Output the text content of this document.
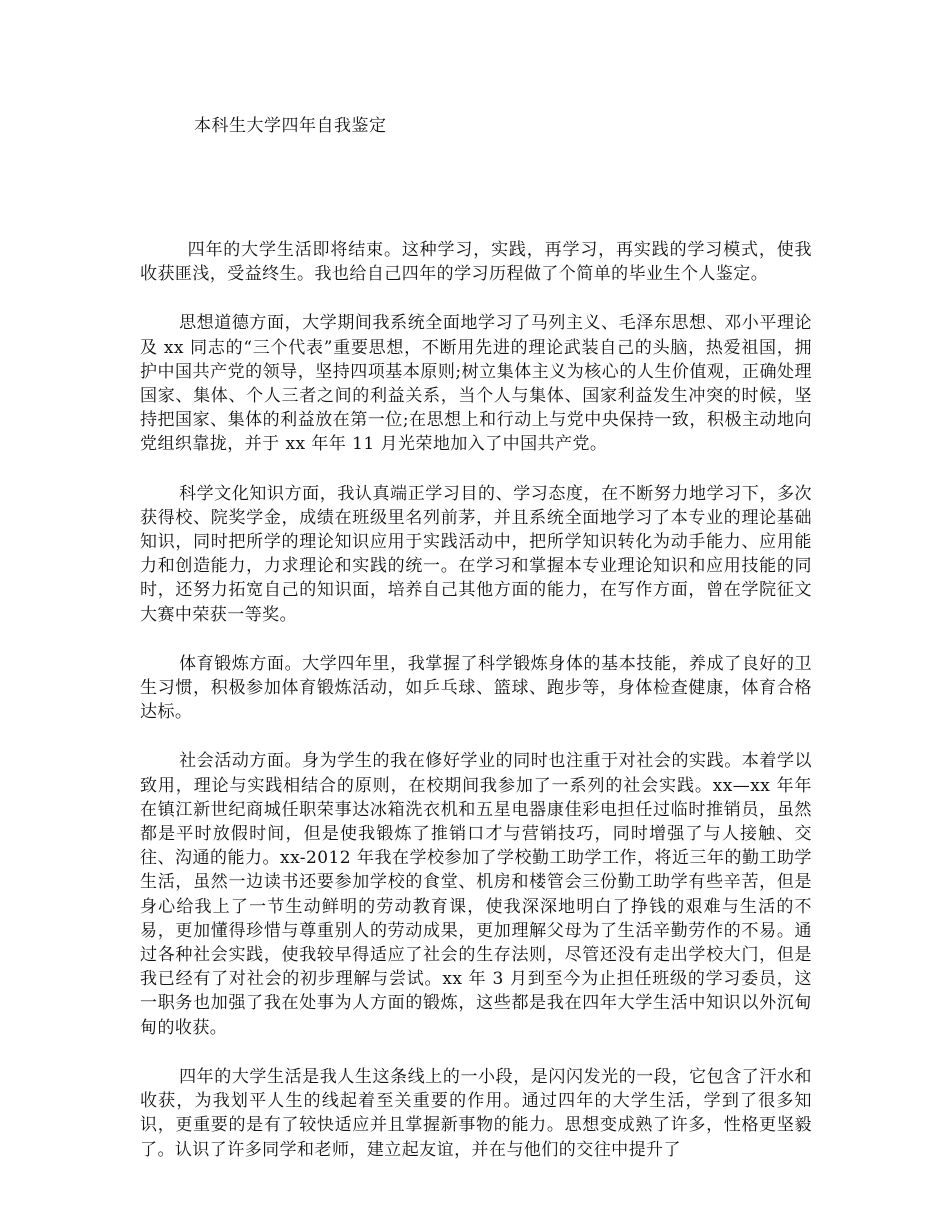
本科生大学四年自我鉴定

四年的大学生活即将结束。这种学习，实践，再学习，再实践的学习模式，使我收获匪浅，受益终生。我也给自己四年的学习历程做了个简单的毕业生个人鉴定。

思想道德方面，大学期间我系统全面地学习了马列主义、毛泽东思想、邓小平理论及 xx 同志的“三个代表”重要思想，不断用先进的理论武装自己的头脑，热爱祖国，拥护中国共产党的领导，坚持四项基本原则;树立集体主义为核心的人生价值观，正确处理国家、集体、个人三者之间的利益关系，当个人与集体、国家利益发生冲突的时候，坚持把国家、集体的利益放在第一位;在思想上和行动上与党中央保持一致，积极主动地向党组织靠拢，并于 xx 年年 11 月光荣地加入了中国共产党。

科学文化知识方面，我认真端正学习目的、学习态度，在不断努力地学习下，多次获得校、院奖学金，成绩在班级里名列前茅，并且系统全面地学习了本专业的理论基础知识，同时把所学的理论知识应用于实践活动中，把所学知识转化为动手能力、应用能力和创造能力，力求理论和实践的统一。在学习和掌握本专业理论知识和应用技能的同时，还努力拓宽自己的知识面，培养自己其他方面的能力，在写作方面，曾在学院征文大赛中荣获一等奖。

体育锻炼方面。大学四年里，我掌握了科学锻炼身体的基本技能，养成了良好的卫生习惯，积极参加体育锻炼活动，如乒乓球、篮球、跑步等，身体检查健康，体育合格达标。

社会活动方面。身为学生的我在修好学业的同时也注重于对社会的实践。本着学以致用，理论与实践相结合的原则，在校期间我参加了一系列的社会实践。xx—xx 年年在镇江新世纪商城任职荣事达冰箱洗衣机和五星电器康佳彩电担任过临时推销员，虽然都是平时放假时间，但是使我锻炼了推销口才与营销技巧，同时增强了与人接触、交往、沟通的能力。xx-2012 年我在学校参加了学校勤工助学工作，将近三年的勤工助学生活，虽然一边读书还要参加学校的食堂、机房和楼管会三份勤工助学有些辛苦，但是身心给我上了一节生动鲜明的劳动教育课，使我深深地明白了挣钱的艰难与生活的不易，更加懂得珍惜与尊重别人的劳动成果，更加理解父母为了生活辛勤劳作的不易。通过各种社会实践，使我较早得适应了社会的生存法则，尽管还没有走出学校大门，但是我已经有了对社会的初步理解与尝试。xx 年 3 月到至今为止担任班级的学习委员，这一职务也加强了我在处事为人方面的锻炼，这些都是我在四年大学生活中知识以外沉甸甸的收获。

四年的大学生活是我人生这条线上的一小段，是闪闪发光的一段，它包含了汗水和收获，为我划平人生的线起着至关重要的作用。通过四年的大学生活，学到了很多知识，更重要的是有了较快适应并且掌握新事物的能力。思想变成熟了许多，性格更坚毅了。认识了许多同学和老师，建立起友谊，并在与他们的交往中提升了
